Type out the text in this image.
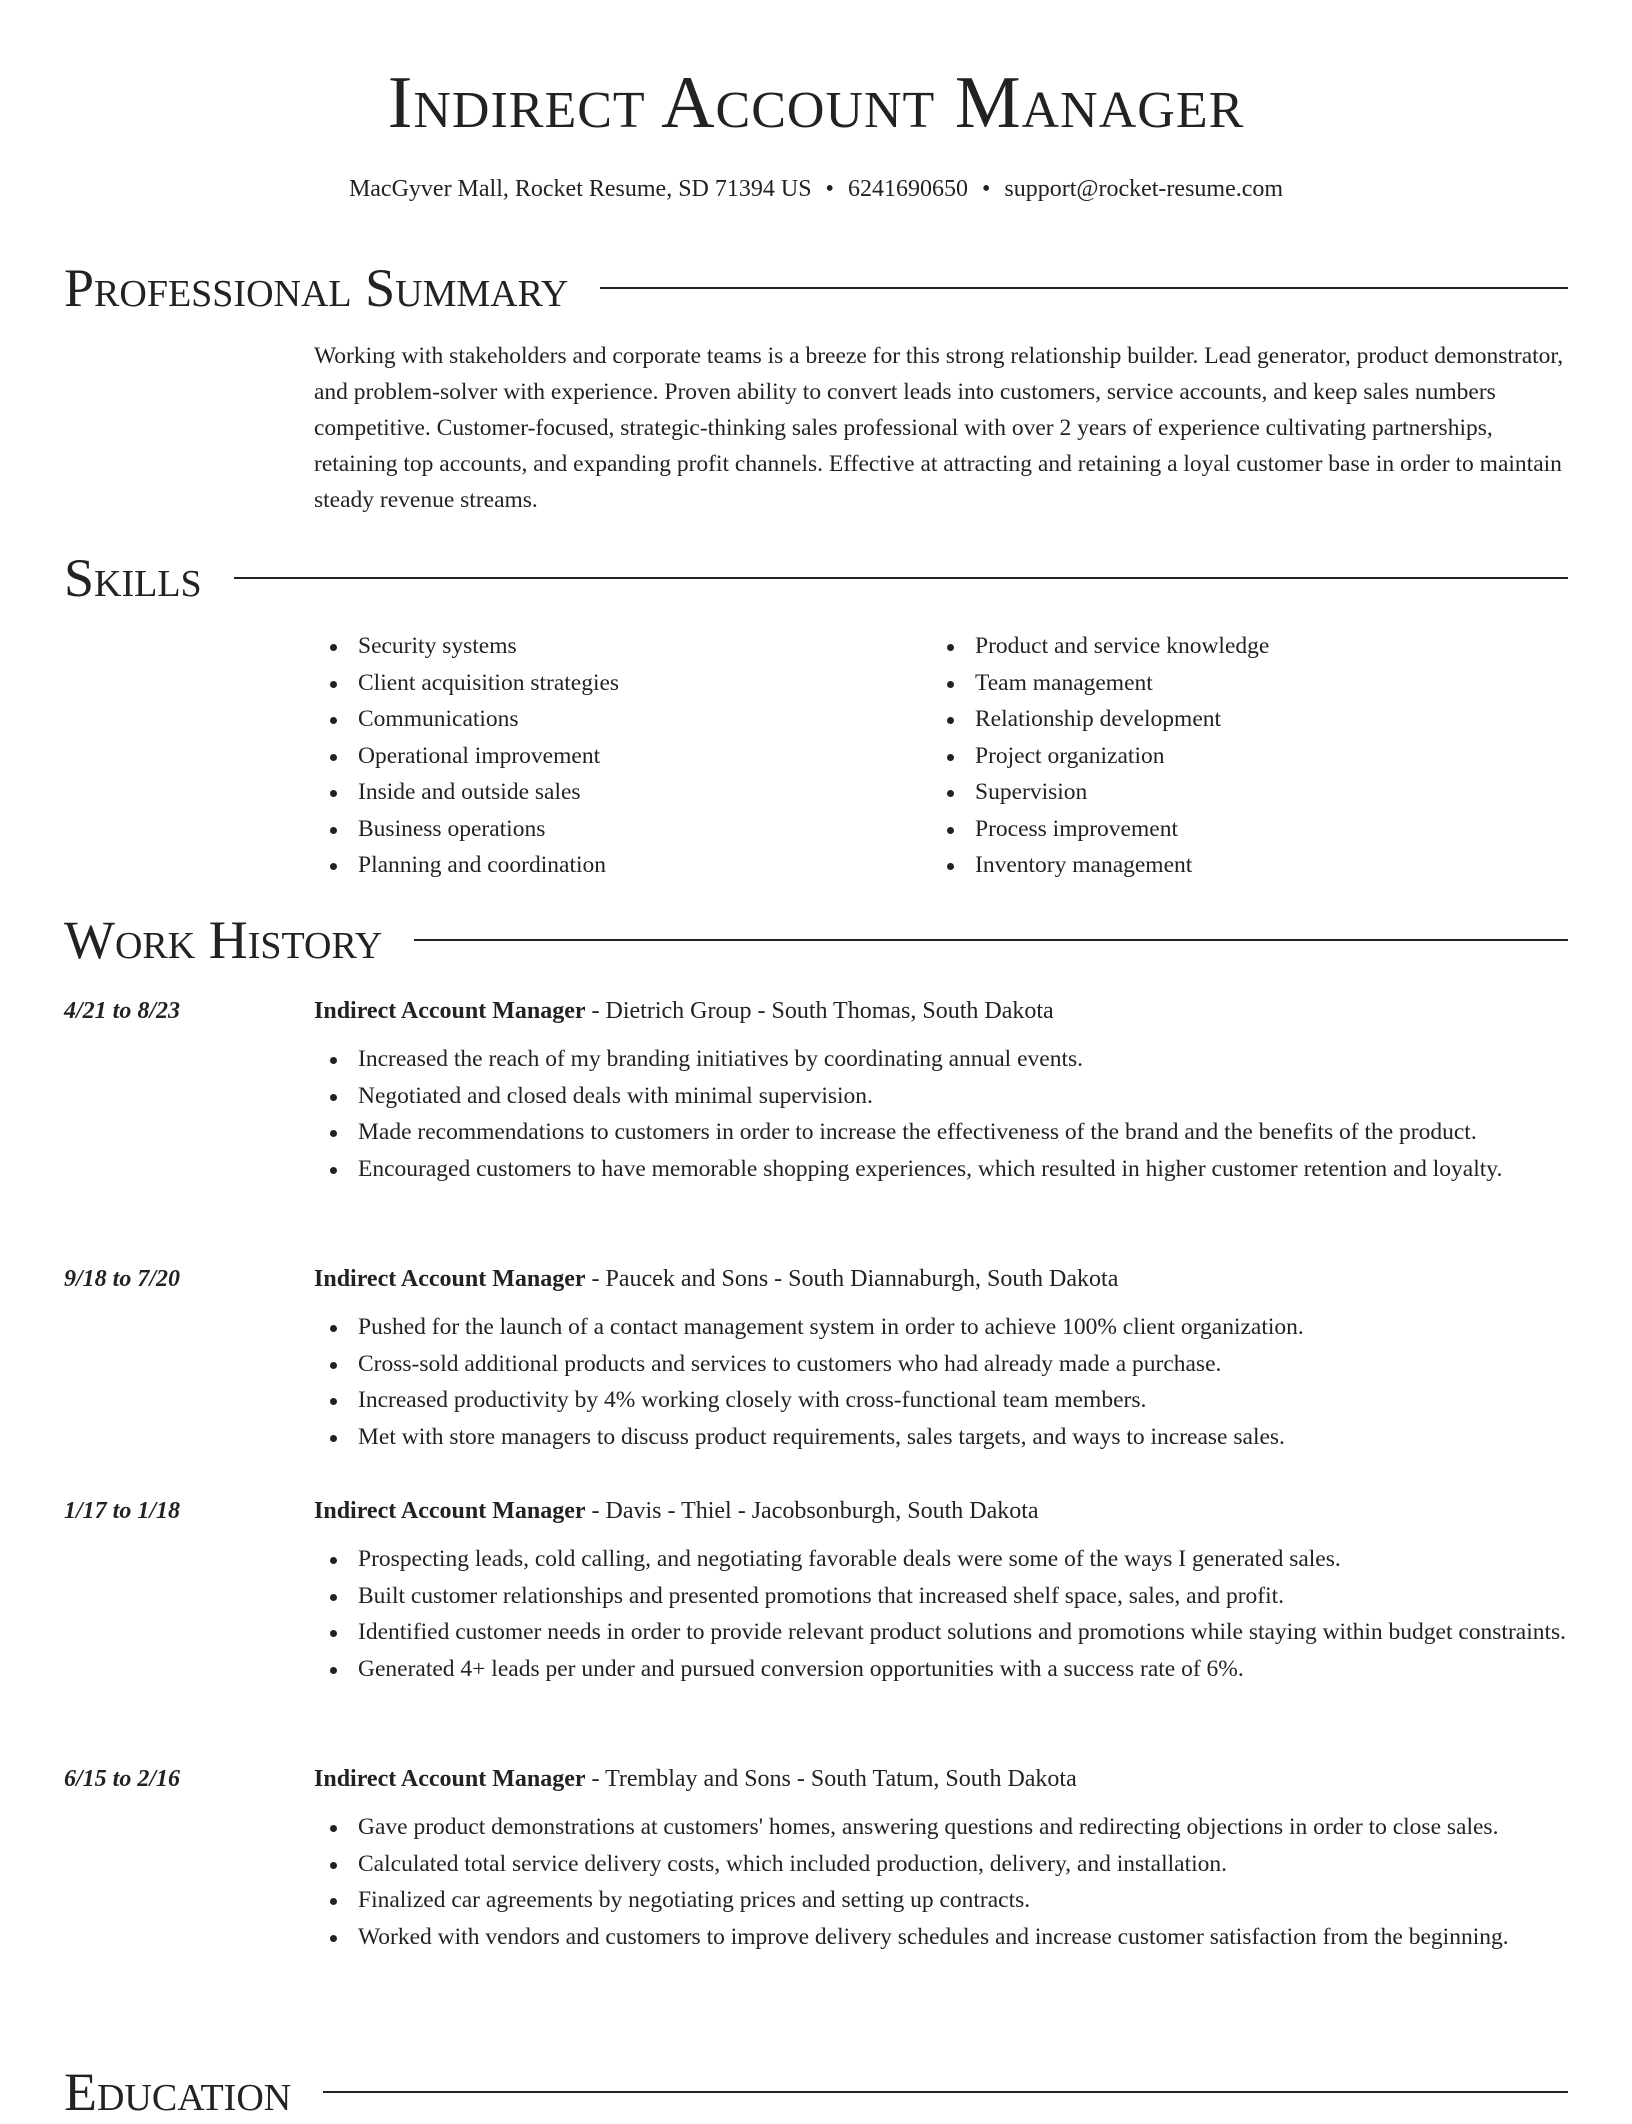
Indirect Account Manager
MacGyver Mall, Rocket Resume, SD 71394 US • 6241690650 • support@rocket-resume.com
Professional Summary
Working with stakeholders and corporate teams is a breeze for this strong relationship builder. Lead generator, product demonstrator, and problem-solver with experience. Proven ability to convert leads into customers, service accounts, and keep sales numbers competitive. Customer-focused, strategic-thinking sales professional with over 2 years of experience cultivating partnerships, retaining top accounts, and expanding profit channels. Effective at attracting and retaining a loyal customer base in order to maintain steady revenue streams.
Skills
Security systems
Client acquisition strategies
Communications
Operational improvement
Inside and outside sales
Business operations
Planning and coordination
Product and service knowledge
Team management
Relationship development
Project organization
Supervision
Process improvement
Inventory management
Work History
4/21 to 8/23	Indirect Account Manager - Dietrich Group - South Thomas, South Dakota
Increased the reach of my branding initiatives by coordinating annual events.
Negotiated and closed deals with minimal supervision.
Made recommendations to customers in order to increase the effectiveness of the brand and the benefits of the product.
Encouraged customers to have memorable shopping experiences, which resulted in higher customer retention and loyalty.
9/18 to 7/20	Indirect Account Manager - Paucek and Sons - South Diannaburgh, South Dakota
Pushed for the launch of a contact management system in order to achieve 100% client organization.
Cross-sold additional products and services to customers who had already made a purchase.
Increased productivity by 4% working closely with cross-functional team members.
Met with store managers to discuss product requirements, sales targets, and ways to increase sales.
1/17 to 1/18	Indirect Account Manager - Davis - Thiel - Jacobsonburgh, South Dakota
Prospecting leads, cold calling, and negotiating favorable deals were some of the ways I generated sales.
Built customer relationships and presented promotions that increased shelf space, sales, and profit.
Identified customer needs in order to provide relevant product solutions and promotions while staying within budget constraints.
Generated 4+ leads per under and pursued conversion opportunities with a success rate of 6%.
6/15 to 2/16	Indirect Account Manager - Tremblay and Sons - South Tatum, South Dakota
Gave product demonstrations at customers' homes, answering questions and redirecting objections in order to close sales.
Calculated total service delivery costs, which included production, delivery, and installation.
Finalized car agreements by negotiating prices and setting up contracts.
Worked with vendors and customers to improve delivery schedules and increase customer satisfaction from the beginning.
Education
